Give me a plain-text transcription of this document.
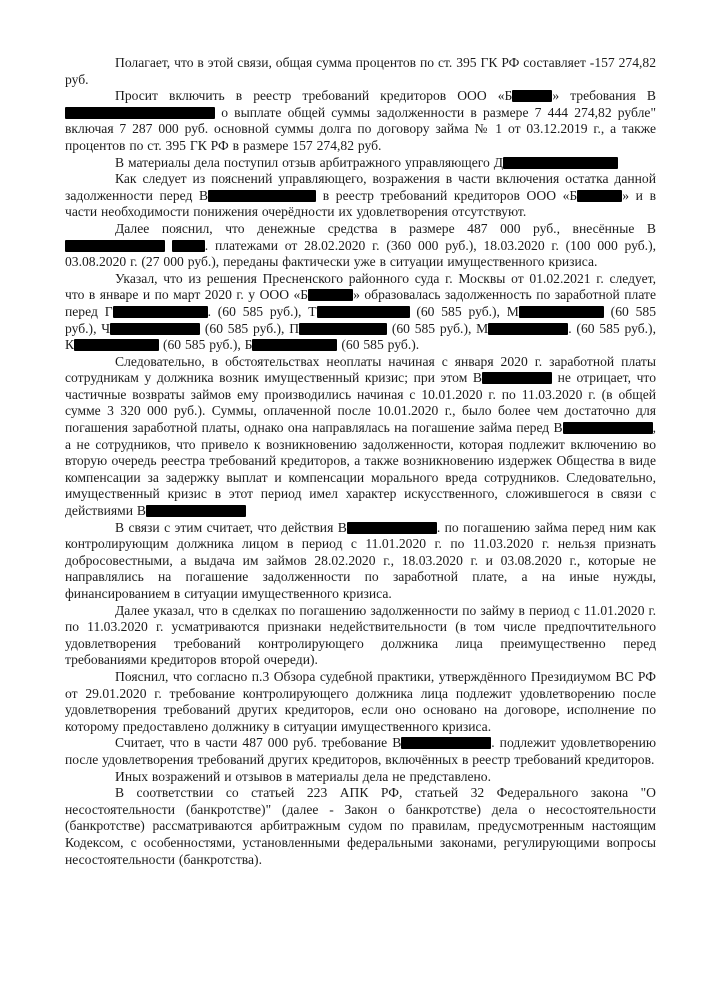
Полагает, что в этой связи, общая сумма процентов по ст. 395 ГК РФ составляет -157 274,82 руб.

Просит включить в реестр требований кредиторов ООО «Б	» требования В о выплате общей суммы задолженности в размере 7 444 274,82 рубле" включая 7 287 000 руб. основной суммы долга по договору займа № 1 от 03.12.2019 г., а также процентов по ст. 395 ГК РФ в размере 157 274,82 руб.

В материалы дела поступил отзыв арбитражного управляющего Д

Как следует из пояснений управляющего, возражения в части включения остатка данной задолженности перед В	в реестр требований кредиторов ООО «Б	» и в части необходимости понижения очерёдности их удовлетворения отсутствуют.

Далее пояснил, что денежные средства в размере 487 000 руб., внесённые В . платежами от 28.02.2020 г. (360 000 руб.), 18.03.2020 г. (100 000 руб.), 03.08.2020 г. (27 000 руб.), переданы фактически уже в ситуации имущественного кризиса.

Указал, что из решения Пресненского районного суда г. Москвы от 01.02.2021 г. следует, что в январе и по март 2020 г. у ООО «Б	» образовалась задолженность по заработной плате перед Г	. (60 585 руб.), Т	(60 585 руб.), М	(60 585 руб.), Ч	(60 585 руб.), П	(60 585 руб.), М	. (60 585 руб.), К	(60 585 руб.), Б	(60 585 руб.).

Следовательно, в обстоятельствах неоплаты начиная с января 2020 г. заработной платы сотрудникам у должника возник имущественный кризис; при этом В	не отрицает, что частичные возвраты займов ему производились начиная с 10.01.2020 г. по 11.03.2020 г. (в общей сумме 3 320 000 руб.). Суммы, оплаченной после 10.01.2020 г., было более чем достаточно для погашения заработной платы, однако она направлялась на погашение займа перед В	, а не сотрудников, что привело к возникновению задолженности, которая подлежит включению во вторую очередь реестра требований кредиторов, а также возникновению издержек Общества в виде компенсации за задержку выплат и компенсации морального вреда сотрудников. Следовательно, имущественный кризис в этот период имел характер искусственного, сложившегося в связи с действиями В

В связи с этим считает, что действия В	. по погашению займа перед ним как контролирующим должника лицом в период с 11.01.2020 г. по 11.03.2020 г. нельзя признать добросовестными, а выдача им займов 28.02.2020 г., 18.03.2020 г. и 03.08.2020 г., которые не направлялись на погашение задолженности по заработной плате, а на иные нужды, финансированием в ситуации имущественного кризиса.

Далее указал, что в сделках по погашению задолженности по займу в период с 11.01.2020 г. по 11.03.2020 г. усматриваются признаки недействительности (в том числе предпочтительного удовлетворения требований контролирующего должника лица преимущественно перед требованиями кредиторов второй очереди).

Пояснил, что согласно п.3 Обзора судебной практики, утверждённого Президиумом ВС РФ от 29.01.2020 г. требование контролирующего должника лица подлежит удовлетворению после удовлетворения требований других кредиторов, если оно основано на договоре, исполнение по которому предоставлено должнику в ситуации имущественного кризиса.

Считает, что в части 487 000 руб. требование В	. подлежит удовлетворению после удовлетворения требований других кредиторов, включённых в реестр требований кредиторов.

Иных возражений и отзывов в материалы дела не представлено.

В соответствии со статьей 223 АПК РФ, статьей 32 Федерального закона "О несостоятельности (банкротстве)" (далее - Закон о банкротстве) дела о несостоятельности (банкротстве) рассматриваются арбитражным судом по правилам, предусмотренным настоящим Кодексом, с особенностями, установленными федеральными законами, регулирующими вопросы несостоятельности (банкротства).
